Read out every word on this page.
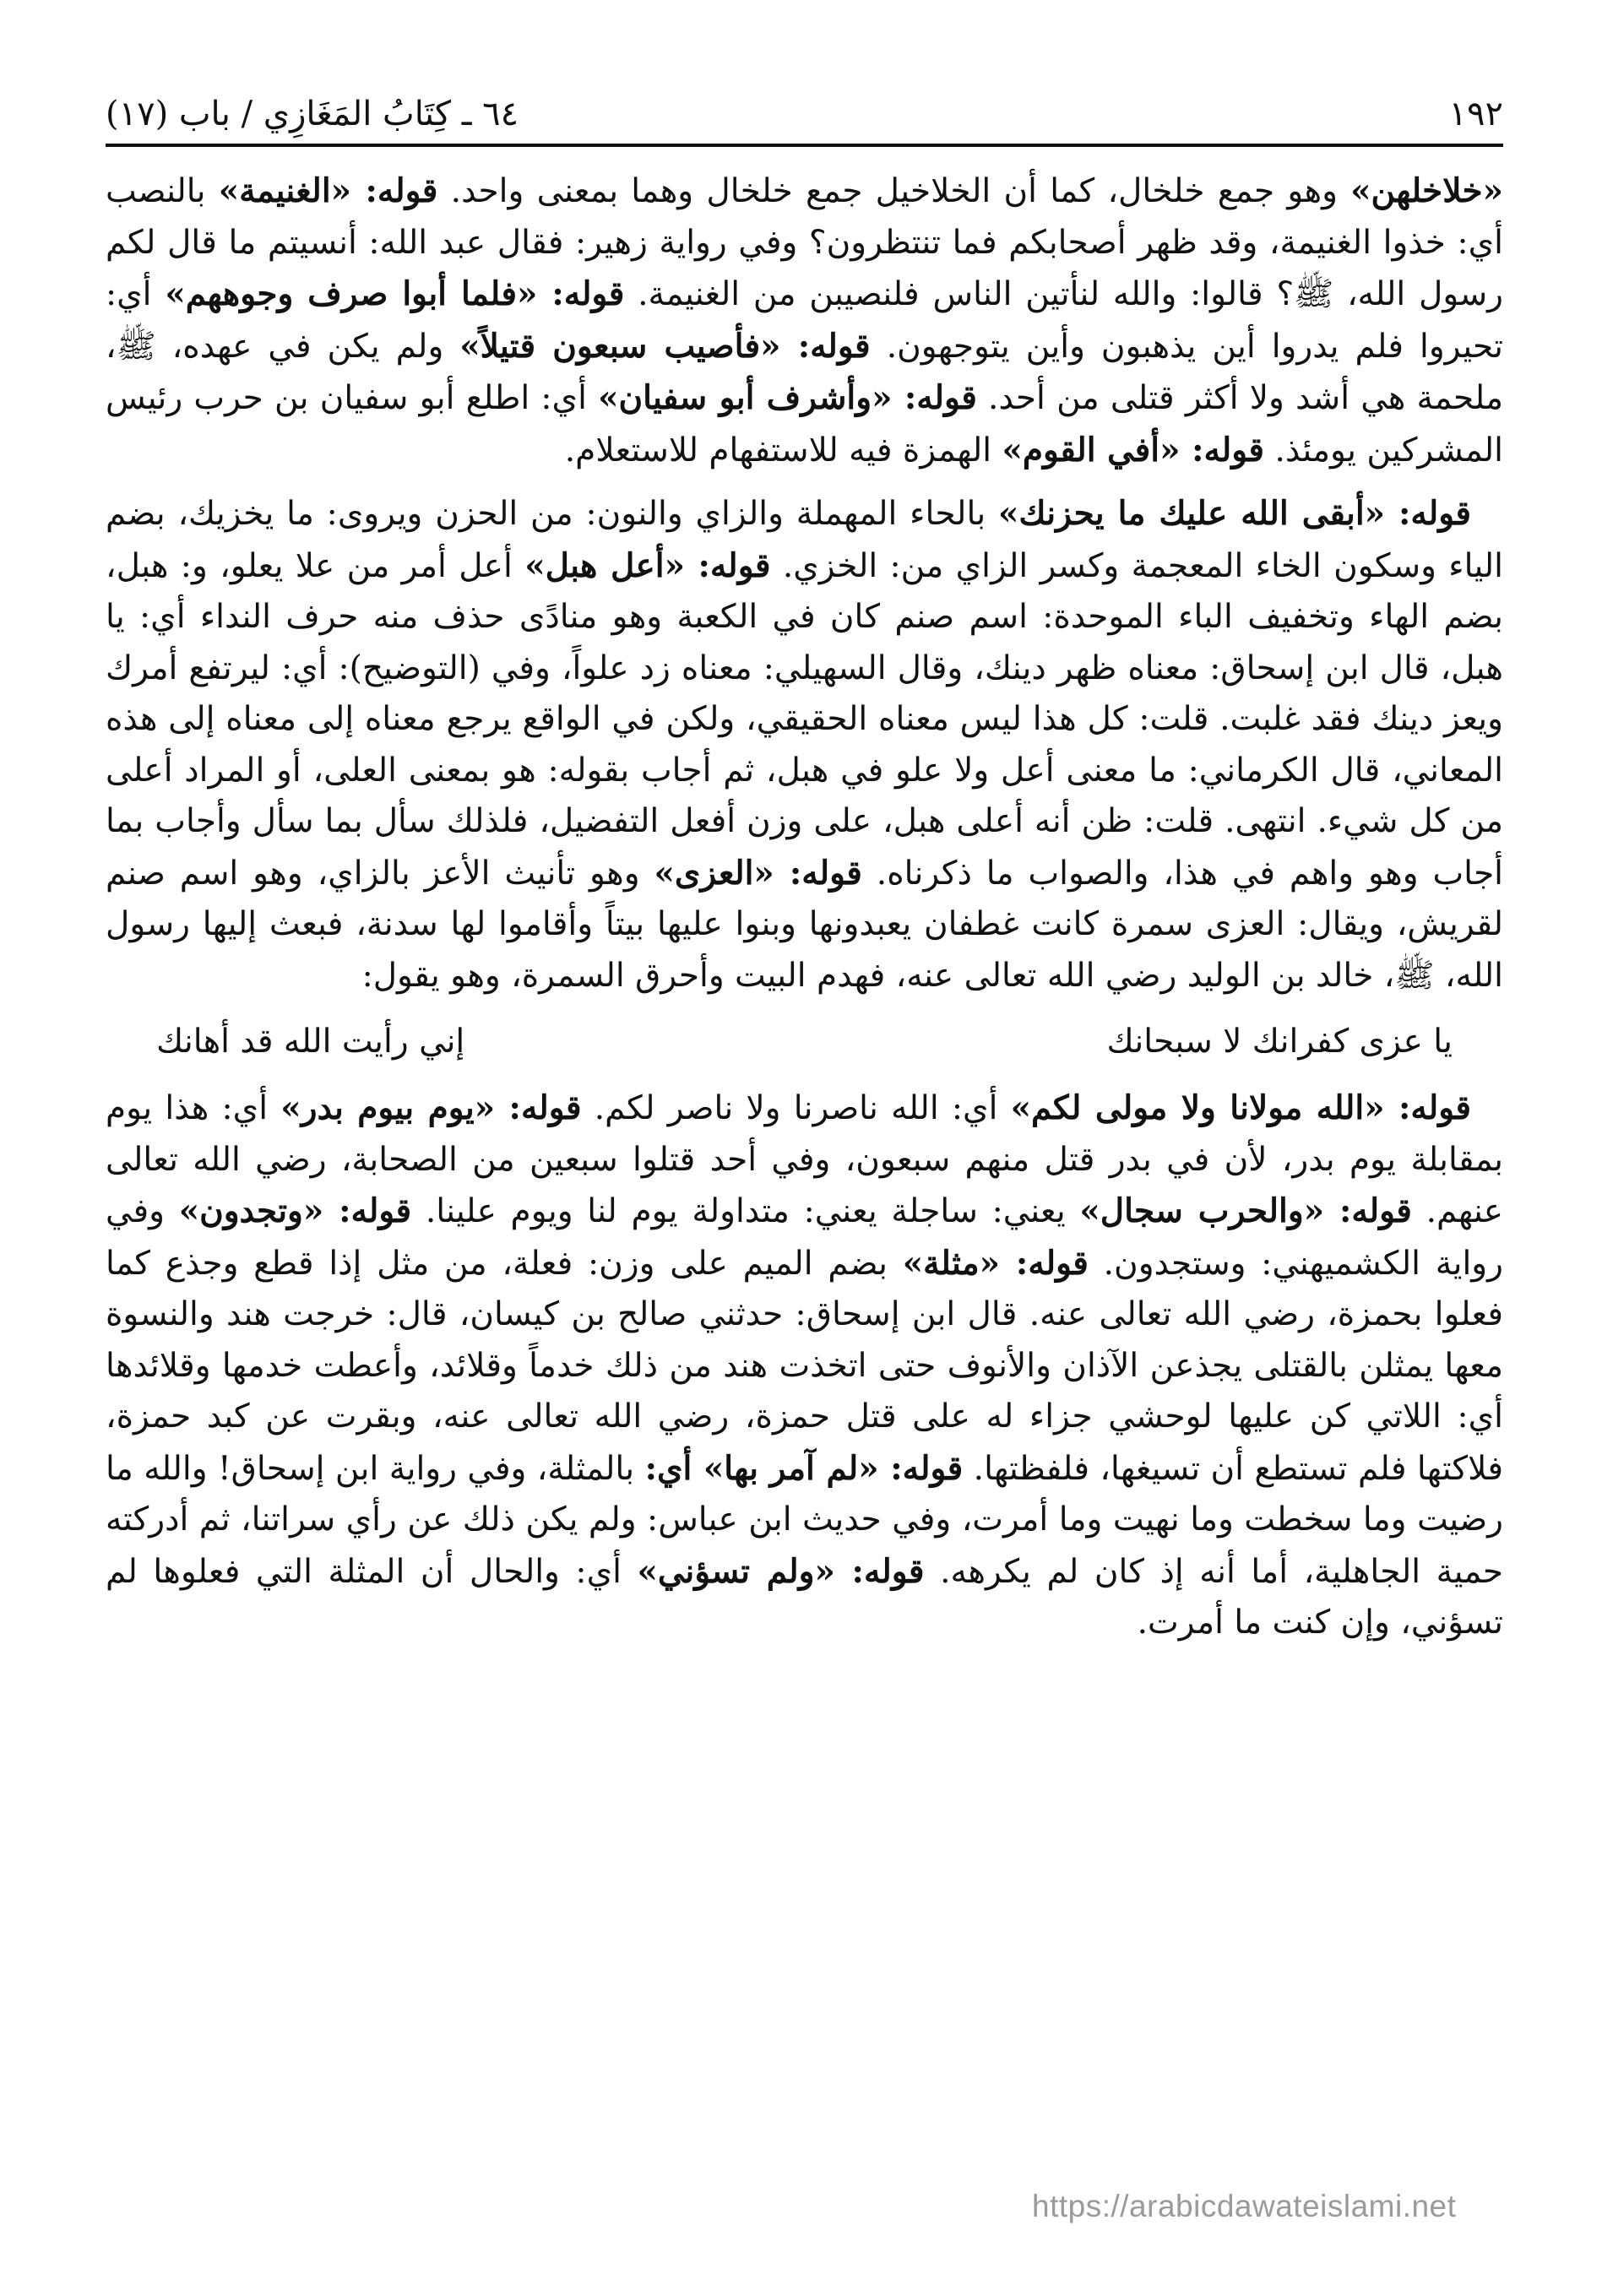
١٩٢
٦٤ ـ كِتَابُ المَغَازِي / باب (١٧)

«خلاخلهن» وهو جمع خلخال، كما أن الخلاخيل جمع خلخال وهما بمعنى واحد. قوله: «الغنيمة» بالنصب أي: خذوا الغنيمة، وقد ظهر أصحابكم فما تنتظرون؟ وفي رواية زهير: فقال عبد الله: أنسيتم ما قال لكم رسول الله، ﷺ؟ قالوا: والله لنأتين الناس فلنصيبن من الغنيمة. قوله: «فلما أبوا صرف وجوههم» أي: تحيروا فلم يدروا أين يذهبون وأين يتوجهون. قوله: «فأصيب سبعون قتيلاً» ولم يكن في عهده، ﷺ، ملحمة هي أشد ولا أكثر قتلى من أحد. قوله: «وأشرف أبو سفيان» أي: اطلع أبو سفيان بن حرب رئيس المشركين يومئذ. قوله: «أفي القوم» الهمزة فيه للاستفهام للاستعلام.

قوله: «أبقى الله عليك ما يحزنك» بالحاء المهملة والزاي والنون: من الحزن ويروى: ما يخزيك، بضم الياء وسكون الخاء المعجمة وكسر الزاي من: الخزي. قوله: «أعل هبل» أعل أمر من علا يعلو، و: هبل، بضم الهاء وتخفيف الباء الموحدة: اسم صنم كان في الكعبة وهو منادًى حذف منه حرف النداء أي: يا هبل، قال ابن إسحاق: معناه ظهر دينك، وقال السهيلي: معناه زد علواً، وفي (التوضيح): أي: ليرتفع أمرك ويعز دينك فقد غلبت. قلت: كل هذا ليس معناه الحقيقي، ولكن في الواقع يرجع معناه إلى معناه إلى هذه المعاني، قال الكرماني: ما معنى أعل ولا علو في هبل، ثم أجاب بقوله: هو بمعنى العلى، أو المراد أعلى من كل شيء. انتهى. قلت: ظن أنه أعلى هبل، على وزن أفعل التفضيل، فلذلك سأل بما سأل وأجاب بما أجاب وهو واهم في هذا، والصواب ما ذكرناه. قوله: «العزى» وهو تأنيث الأعز بالزاي، وهو اسم صنم لقريش، ويقال: العزى سمرة كانت غطفان يعبدونها وبنوا عليها بيتاً وأقاموا لها سدنة، فبعث إليها رسول الله، ﷺ، خالد بن الوليد رضي الله تعالى عنه، فهدم البيت وأحرق السمرة، وهو يقول:

يا عزى كفرانك لا سبحانك
إني رأيت الله قد أهانك

قوله: «الله مولانا ولا مولى لكم» أي: الله ناصرنا ولا ناصر لكم. قوله: «يوم بيوم بدر» أي: هذا يوم بمقابلة يوم بدر، لأن في بدر قتل منهم سبعون، وفي أحد قتلوا سبعين من الصحابة، رضي الله تعالى عنهم. قوله: «والحرب سجال» يعني: ساجلة يعني: متداولة يوم لنا ويوم علينا. قوله: «وتجدون» وفي رواية الكشميهني: وستجدون. قوله: «مثلة» بضم الميم على وزن: فعلة، من مثل إذا قطع وجذع كما فعلوا بحمزة، رضي الله تعالى عنه. قال ابن إسحاق: حدثني صالح بن كيسان، قال: خرجت هند والنسوة معها يمثلن بالقتلى يجذعن الآذان والأنوف حتى اتخذت هند من ذلك خدماً وقلائد، وأعطت خدمها وقلائدها أي: اللاتي كن عليها لوحشي جزاء له على قتل حمزة، رضي الله تعالى عنه، وبقرت عن كبد حمزة، فلاكتها فلم تستطع أن تسيغها، فلفظتها. قوله: «لم آمر بها» أي: بالمثلة، وفي رواية ابن إسحاق! والله ما رضيت وما سخطت وما نهيت وما أمرت، وفي حديث ابن عباس: ولم يكن ذلك عن رأي سراتنا، ثم أدركته حمية الجاهلية، أما أنه إذ كان لم يكرهه. قوله: «ولم تسؤني» أي: والحال أن المثلة التي فعلوها لم تسؤني، وإن كنت ما أمرت.

https://arabicdawateislami.net
